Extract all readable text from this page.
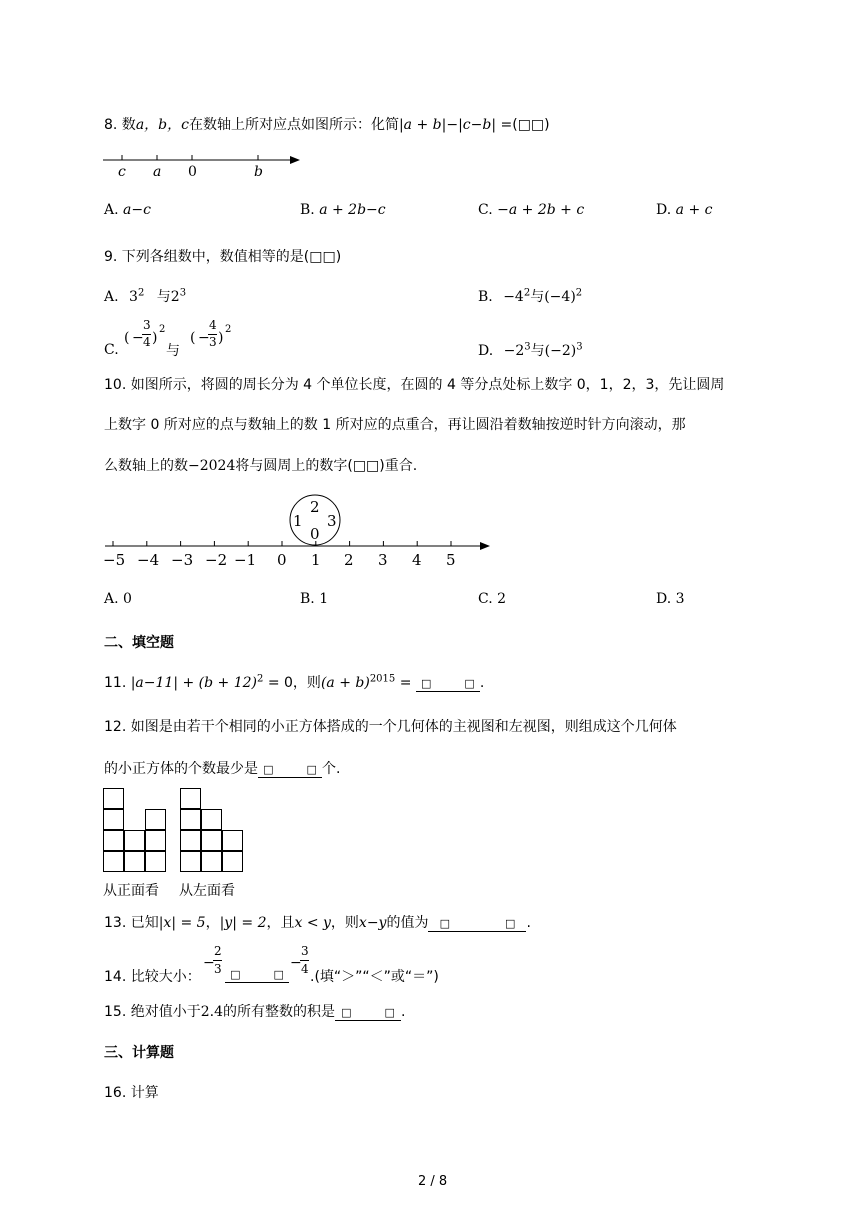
8. 数a，b，c在数轴上所对应点如图所示：化简|a + b|−|c−b| =(□□)
c a 0	b
A. a−c	B. a + 2b−c	C. −a + 2b + c	D. a + c
9. 下列各组数中，数值相等的是(□□)
A. $3^2$ 与$2^3$	B. $-4^2$与$(-4)^2$
C.
( −
3
4 )
2
与
( −
4
3 )
2
D. $-2^3$与$(-2)^3$
10. 如图所示，将圆的周长分为 4 个单位长度，在圆的 4 等分点处标上数字 0，1，2，3，先让圆周
上数字 0 所对应的点与数轴上的数 1 所对应的点重合，再让圆沿着数轴按逆时针方向滚动，那
么数轴上的数−2024将与圆周上的数字(□□)重合.
2
1 3
0
−5 −4 −3 −2 −1 0 1 2 3 4 5
A. 0	B. 1	C. 2	D. 3
二、填空题
11. $|a-11| + (b + 12)^2 = 0$，则$(a + b)^{2015}$ = □　　　□ .
12. 如图是由若干个相同的小正方体搭成的一个几何体的主视图和左视图，则组成这个几何体
的小正方体的个数最少是 □　　　□ 个.
从正面看 从左面看
13. 已知|x| = 5，|y| = 2，且x < y，则x−y的值为 □　　　　　□ .
14. 比较大小：
−
2
3 □　　　□
−
3
4 .(填“＞”“＜”或“＝”)
15. 绝对值小于2.4的所有整数的积是 □　　　□ .
三、计算题
16. 计算
2 / 8
